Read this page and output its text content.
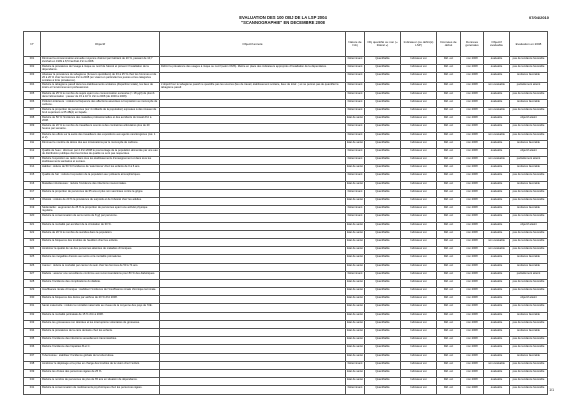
EVALUATION DES 100 OBJ DE LA LSP 2004
"SCANNOGRAPHIE" EN DECEMBRE 2008
07/04/2010
N°	Objectif	Objectif annoté	Nature de l'obj	Obj quantifié ou non (« littéral »)	Indicateur (ou défini(s) LSP)	Données de début	Données générales	Objectif évaluable	Evaluation en 2008
001	Diminuer la consommation annuelle moyenne d'alcool par habitant de 20 %, passant de 10,7 l/an/hab en 1999 à 8,5 l/an/hab d'ici à 2008.		Déterminant	Quantifiable	Indicateur ext	Réf. ext	non 2008	évaluable	pas de tendance favorable
002	Réduire la prévalence de l'usage à risque ou nocif de l'alcool et prévenir l'installation de la dépendance.	Définir la prévalence des usages à risque ou nocif (selon OMS). Mettre en place des indicateurs appropriés d'installation de la dépendance.	Déterminant	Quantifiable	Indicateur ext	Réf. ext	non 2008	évaluable	pas de tendance favorable
003	Abaisser la prévalence du tabagisme (fumeurs quotidiens) de 33 à 25 % chez les hommes et de 26 à 20 % chez les femmes d'ici à 2008 (en visant en particulier les jeunes et les catégories sociales à forte prévalence).		Déterminant	Quantifiable	Indicateur ext	Réf. ext	non 2008	évaluable	tendance favorable
004	Réduire le tabagisme passif dans les établissements scolaires (disparition totale), les lieux de loisirs et l'environnement professionnel.	L'objectif sur le tabagisme passif ne quantifie pas les sources (lieu de travail, établissement scolaire, lieux de loisir...) et ne permet pas de quantifier le tabagisme passif.	Déterminant	Quantifiable	Indicateur ext	Réf. ext	non 2008	non évaluable	partiellement atteint
005	Réduire de 25 % le nombre de sujets ayant une consommation excessive (> 18 μg/l) de plomb dans l'alimentation : passer de 15 à 10 % d'ici à 2008 (de 2000 à 2008).		Déterminant	Quantifiable	Indicateur ext	Réf. ext	non 2008	évaluable	pas de tendance favorable
006	Pollution intérieure : réduire la fréquence des affections associées à l'exposition au monoxyde de carbone.		Déterminant	Quantifiable	Indicateur ext	Réf. ext	non 2008	évaluable	tendance favorable
007	Réduire la proportion de personnes (sur 4 milliards de la population) exposées à des niveaux de bruit supérieurs à 65 dB(A) en façade.		Déterminant	Quantifiable	Indicateur ext	Réf. ext	non 2008	non évaluable	pas de tendance favorable
008	Réduire de 50 % l'incidence des maladies professionnelles et des accidents du travail d'ici à 2008.		Etat de santé	Quantifiable	Indicateur ext	Réf. ext	non 2008	évaluable	objectif atteint
009	Réduire de 20 % le nombre de travailleurs soumis à des contraintes articulaires plus de 20 heures par semaine.		Déterminant	Quantifiable	Indicateur ext	Réf. ext	non 2008	évaluable	pas de tendance favorable
010	Réduire les effets sur la santé des travailleurs des expositions aux agents cancérogènes (cat. 1 et 2).		Déterminant	Quantifiable	Indicateur ext	Réf. ext	non 2008	non évaluable	pas de tendance favorable
011	Diminuer le nombre de décès dus aux intoxications par le monoxyde de carbone.		Etat de santé	Quantifiable	Indicateur ext	Réf. ext	non 2008	évaluable	tendance favorable
012	Qualité de l'eau : diminuer par 2 d'ici 2008 le pourcentage de la population alimentée par une eau de distribution publique dont les limites de qualité ne sont pas respectées.		Déterminant	Quantifiable	Indicateur ext	Réf. ext	non 2008	évaluable	objectif atteint
013	Réduire l'exposition au radon dans tous les établissements d'enseignement et dans tous les établissements sanitaires et sociaux.		Déterminant	Quantifiable	Indicateur ext	Réf. ext	non 2008	non évaluable	partiellement atteint
014	Habitat : réduire de 50 % l'incidence de 'saturnisme' chez les enfants de 0 à 6 ans.		Etat de santé	Quantifiable	Indicateur ext	Réf. ext	non 2008	évaluable	tendance favorable
015	Qualité de l'air : réduire l'exposition de la population aux polluants atmosphériques.		Déterminant	Quantifiable	Indicateur ext	Réf. ext	non 2008	évaluable	pas de tendance favorable
016	Maladies infectieuses : réduire l'incidence des infections nosocomiales.		Etat de santé	Quantifiable	Indicateur ext	Réf. ext	non 2008	évaluable	tendance favorable
017	Réduire la proportion de personnes de 65 ans et plus non vaccinées contre la grippe.		Déterminant	Quantifiable	Indicateur ext	Réf. ext	non 2008	évaluable	pas de tendance favorable
018	Obésité : réduire de 20 % la prévalence du surpoids et de l'obésité chez les adultes.		Etat de santé	Quantifiable	Indicateur ext	Réf. ext	non 2008	évaluable	pas de tendance favorable
019	Sédentarité : augmenter de 25 % la proportion de personnes ayant une activité physique régulière.		Déterminant	Quantifiable	Indicateur ext	Réf. ext	non 2008	évaluable	tendance favorable
020	Réduire la consommation de sel à moins de 8 g/j par personne.		Déterminant	Quantifiable	Indicateur ext	Réf. ext	non 2008	évaluable	pas de tendance favorable
021	Réduire la mortalité par accident de la circulation de 30 %.		Etat de santé	Quantifiable	Indicateur ext	Réf. ext	non 2008	évaluable	objectif atteint
022	Réduire de 20 % le nombre de suicides dans la population.		Etat de santé	Quantifiable	Indicateur ext	Réf. ext	non 2008	évaluable	pas de tendance favorable
023	Réduire la fréquence des troubles de l'audition chez les enfants.		Etat de santé	Quantifiable	Indicateur ext	Réf. ext	non 2008	non évaluable	pas de tendance favorable
024	Améliorer la qualité de vie des personnes atteintes de maladies chroniques.		Etat de santé	Quantifiable	Indicateur ext	Réf. ext	non 2008	non évaluable	pas de tendance favorable
025	Réduire les inégalités d'accès aux soins et la mortalité prématurée.		Etat de santé	Quantifiable	Indicateur ext	Réf. ext	non 2008	évaluable	tendance favorable
026	Cancer : réduire la mortalité par cancer du sein chez les femmes de 50 à 74 ans.		Etat de santé	Quantifiable	Indicateur ext	Réf. ext	non 2008	évaluable	tendance favorable
027	Diabète : assurer une surveillance conforme aux recommandations pour 80 % des diabétiques.		Déterminant	Quantifiable	Indicateur ext	Réf. ext	non 2008	évaluable	partiellement atteint
028	Réduire l'incidence des complications du diabète.		Etat de santé	Quantifiable	Indicateur ext	Réf. ext	non 2008	évaluable	pas de tendance favorable
029	Insuffisance rénale chronique : stabiliser l'incidence de l'insuffisance rénale chronique terminale.		Etat de santé	Quantifiable	Indicateur ext	Réf. ext	non 2008	évaluable	pas de tendance favorable
030	Réduire la fréquence des décès par asthme de 20 % d'ici 2008.		Etat de santé	Quantifiable	Indicateur ext	Réf. ext	non 2008	évaluable	objectif atteint
031	Santé maternelle : réduire la mortalité maternelle au niveau de la moyenne des pays de l'UE.		Etat de santé	Quantifiable	Indicateur ext	Réf. ext	non 2008	évaluable	pas de tendance favorable
032	Réduire la mortalité périnatale de 15 % d'ici à 2008.		Etat de santé	Quantifiable	Indicateur ext	Réf. ext	non 2008	évaluable	tendance favorable
033	Réduire les grossesses non désirées et les interruptions volontaires de grossesse.		Etat de santé	Quantifiable	Indicateur ext	Réf. ext	non 2008	évaluable	pas de tendance favorable
034	Réduire la prévalence de la carie dentaire chez les enfants.		Etat de santé	Quantifiable	Indicateur ext	Réf. ext	non 2008	évaluable	tendance favorable
035	Réduire l'incidence des infections sexuellement transmissibles.		Etat de santé	Quantifiable	Indicateur ext	Réf. ext	non 2008	évaluable	pas de tendance favorable
036	Réduire l'incidence des hépatites B et C.		Etat de santé	Quantifiable	Indicateur ext	Réf. ext	non 2008	évaluable	pas de tendance favorable
037	Tuberculose : stabiliser l'incidence globale de la tuberculose.		Etat de santé	Quantifiable	Indicateur ext	Réf. ext	non 2008	évaluable	tendance favorable
038	Améliorer le dépistage et la prise en charge des troubles de la vision chez l'enfant.		Déterminant	Quantifiable	Indicateur ext	Réf. ext	non 2008	non évaluable	pas de tendance favorable
039	Réduire les chutes des personnes âgées de 25 %.		Etat de santé	Quantifiable	Indicateur ext	Réf. ext	non 2008	évaluable	pas de tendance favorable
040	Réduire le nombre de personnes de plus de 65 ans en situation de dépendance.		Etat de santé	Quantifiable	Indicateur ext	Réf. ext	non 2008	évaluable	pas de tendance favorable
041	Réduire la consommation de médicaments psychotropes chez les personnes âgées.		Déterminant	Quantifiable	Indicateur ext	Réf. ext	non 2008	évaluable	pas de tendance favorable
1/1
